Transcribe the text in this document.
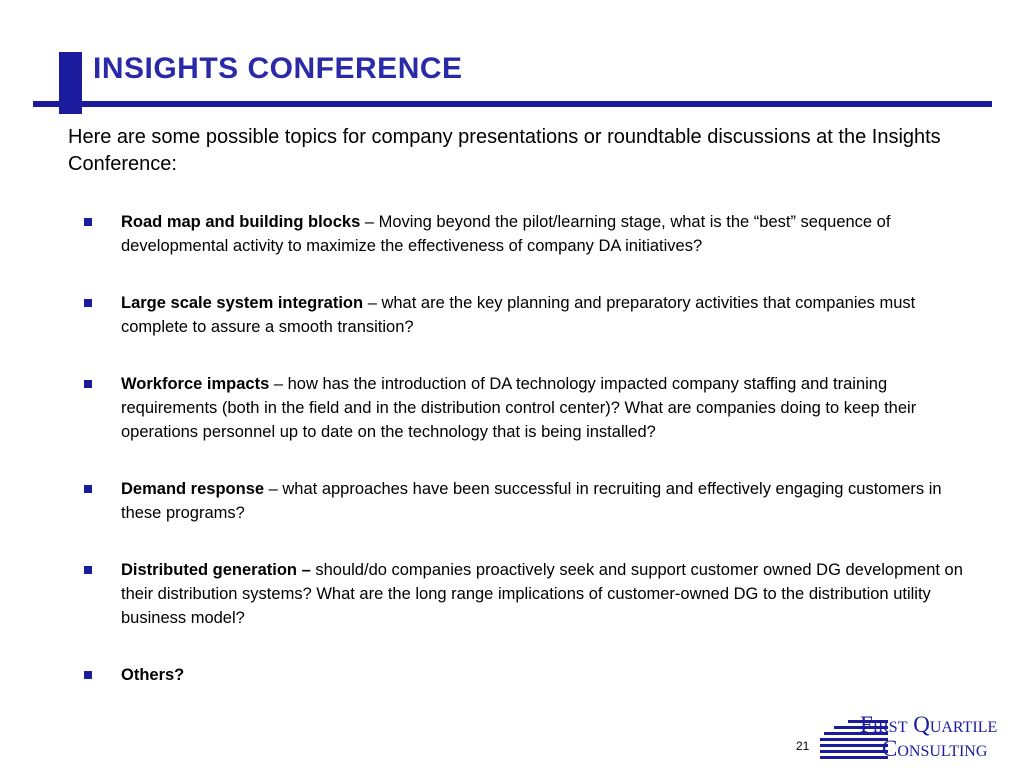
INSIGHTS CONFERENCE
Here are some possible topics for company presentations or roundtable discussions at the Insights Conference:
Road map and building blocks – Moving beyond the pilot/learning stage, what is the “best” sequence of developmental activity to maximize the effectiveness of company DA initiatives?
Large scale system integration – what are the key planning and preparatory activities that companies must complete to assure a smooth transition?
Workforce impacts – how has the introduction of DA technology impacted company staffing and training requirements (both in the field and in the distribution control center)? What are companies doing to keep their operations personnel up to date on the technology that is being installed?
Demand response – what approaches have been successful in recruiting and effectively engaging customers in these programs?
Distributed generation – should/do companies proactively seek and support customer owned DG development on their distribution systems? What are the long range implications of customer-owned DG to the distribution utility business model?
Others?
21
First Quartile
Consulting
